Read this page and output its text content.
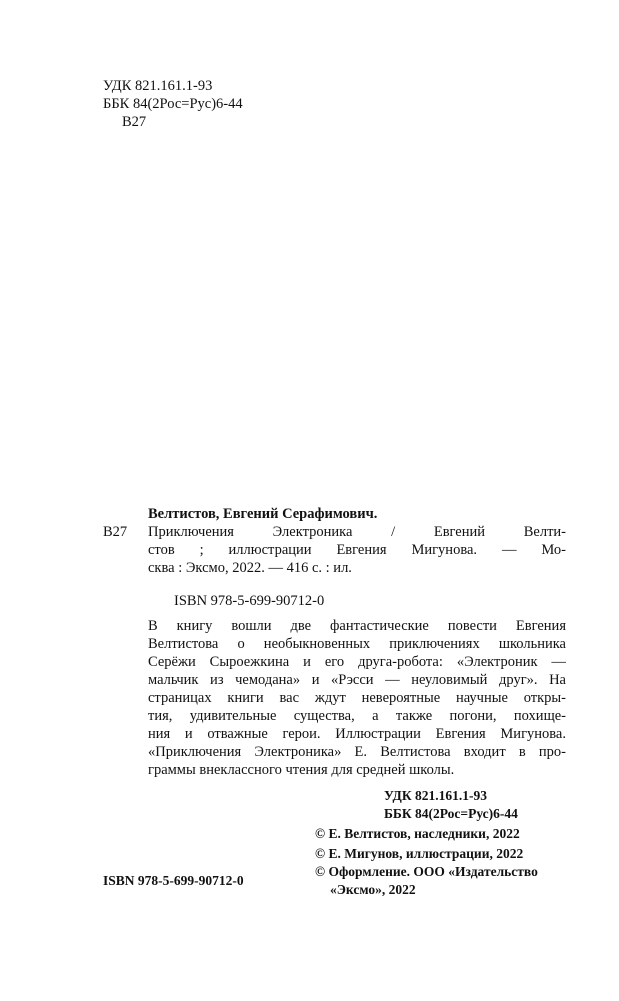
УДК 821.161.1-93
ББК 84(2Рос=Рус)6-44
В27
Велтистов, Евгений Серафимович.
В27 Приключения Электроника / Евгений Велти-
стов ; иллюстрации Евгения Мигунова. — Мо-
сква : Эксмо, 2022. — 416 с. : ил.
ISBN 978-5-699-90712-0
В книгу вошли две фантастические повести Евгения
Велтистова о необыкновенных приключениях школьника
Серёжи Сыроежкина и его друга-робота: «Электроник —
мальчик из чемодана» и «Рэсси — неуловимый друг». На
страницах книги вас ждут невероятные научные откры-
тия, удивительные существа, а также погони, похище-
ния и отважные герои. Иллюстрации Евгения Мигунова.
«Приключения Электроника» Е. Велтистова входит в про-
граммы внеклассного чтения для средней школы.
УДК 821.161.1-93
ББК 84(2Рос=Рус)6-44
© Е. Велтистов, наследники, 2022
© Е. Мигунов, иллюстрации, 2022
© Оформление. ООО «Издательство
ISBN 978-5-699-90712-0
«Эксмо», 2022
